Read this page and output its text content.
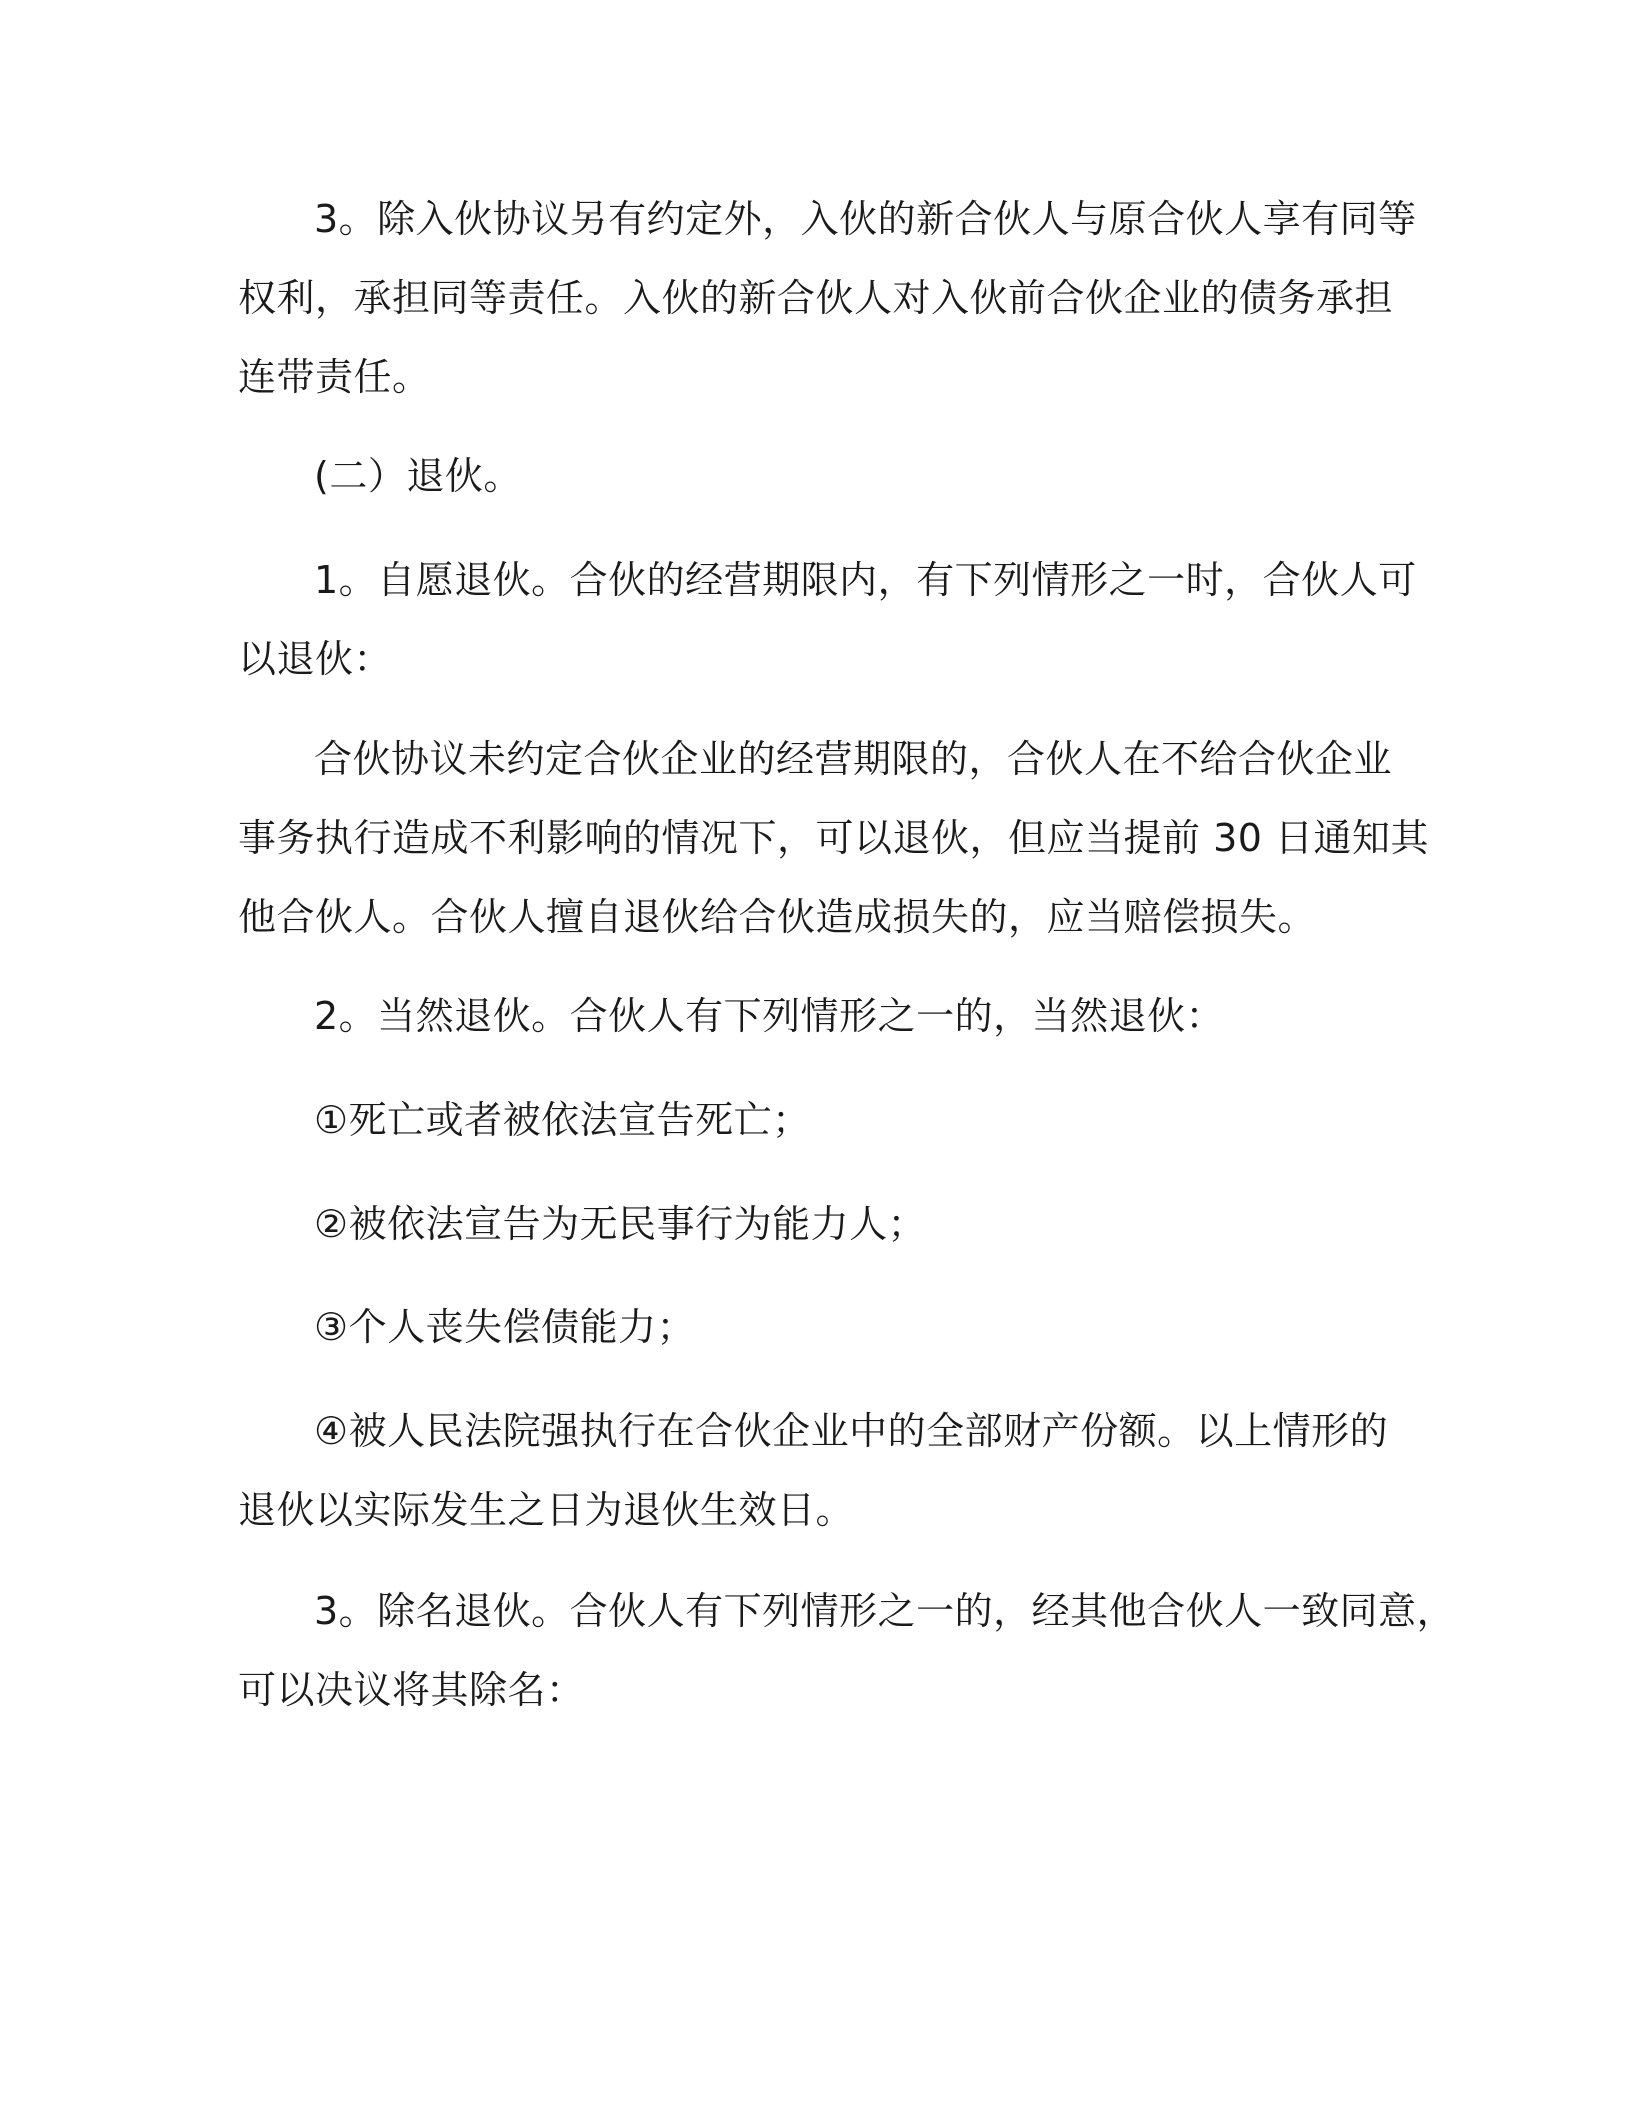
3。除入伙协议另有约定外，入伙的新合伙人与原合伙人享有同等
权利，承担同等责任。入伙的新合伙人对入伙前合伙企业的债务承担
连带责任。

(二）退伙。

1。自愿退伙。合伙的经营期限内，有下列情形之一时，合伙人可
以退伙：

合伙协议未约定合伙企业的经营期限的，合伙人在不给合伙企业
事务执行造成不利影响的情况下，可以退伙，但应当提前 30 日通知其
他合伙人。合伙人擅自退伙给合伙造成损失的，应当赔偿损失。

2。当然退伙。合伙人有下列情形之一的，当然退伙：

①死亡或者被依法宣告死亡；

②被依法宣告为无民事行为能力人；

③个人丧失偿债能力；

④被人民法院强执行在合伙企业中的全部财产份额。以上情形的
退伙以实际发生之日为退伙生效日。

3。除名退伙。合伙人有下列情形之一的，经其他合伙人一致同意，
可以决议将其除名：
